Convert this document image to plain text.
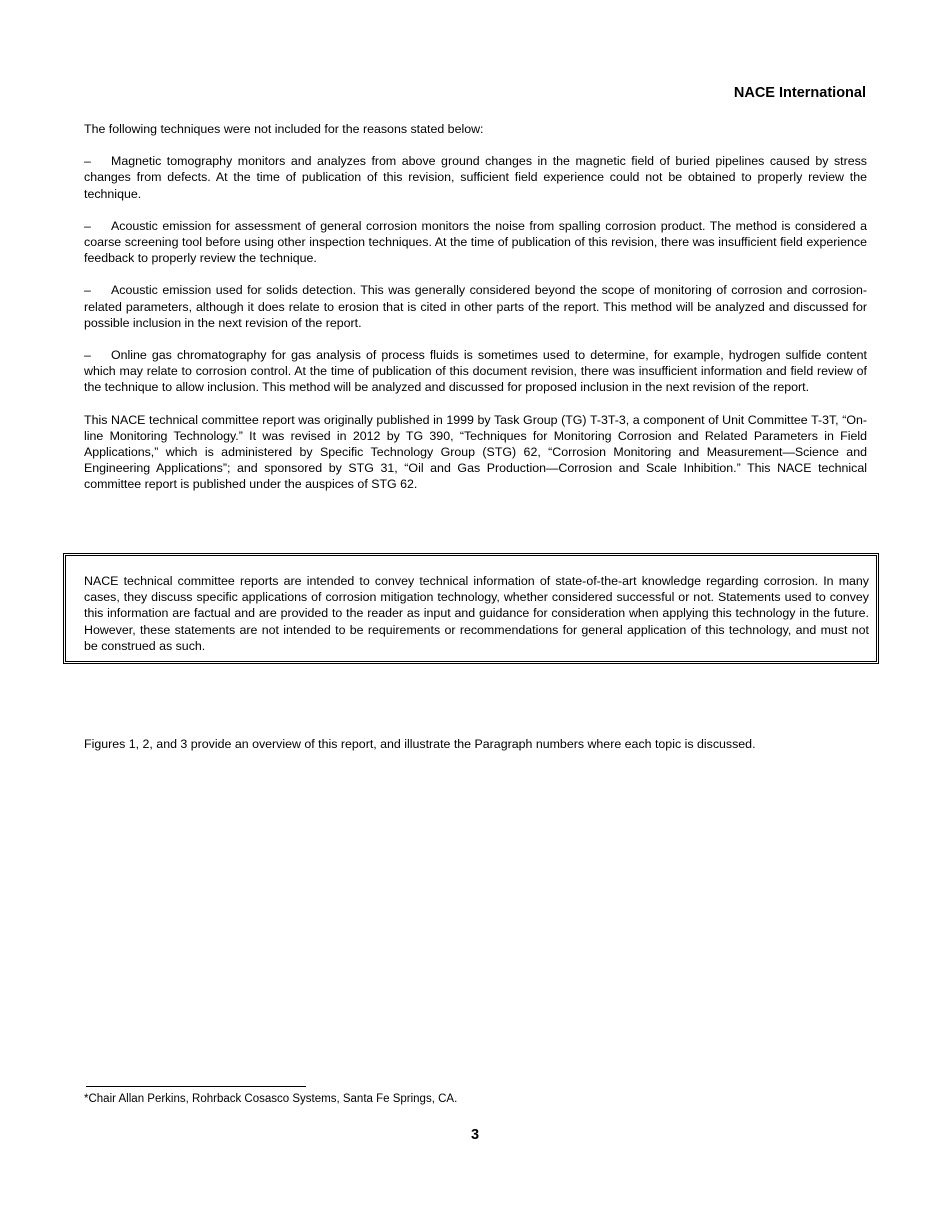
NACE International

The following techniques were not included for the reasons stated below:

– Magnetic tomography monitors and analyzes from above ground changes in the magnetic field of buried pipelines caused by stress changes from defects. At the time of publication of this revision, sufficient field experience could not be obtained to properly review the technique.

– Acoustic emission for assessment of general corrosion monitors the noise from spalling corrosion product. The method is considered a coarse screening tool before using other inspection techniques. At the time of publication of this revision, there was insufficient field experience feedback to properly review the technique.

– Acoustic emission used for solids detection. This was generally considered beyond the scope of monitoring of corrosion and corrosion-related parameters, although it does relate to erosion that is cited in other parts of the report. This method will be analyzed and discussed for possible inclusion in the next revision of the report.

– Online gas chromatography for gas analysis of process fluids is sometimes used to determine, for example, hydrogen sulfide content which may relate to corrosion control. At the time of publication of this document revision, there was insufficient information and field review of the technique to allow inclusion. This method will be analyzed and discussed for proposed inclusion in the next revision of the report.

This NACE technical committee report was originally published in 1999 by Task Group (TG) T-3T-3, a component of Unit Committee T-3T, “On-line Monitoring Technology.” It was revised in 2012 by TG 390, “Techniques for Monitoring Corrosion and Related Parameters in Field Applications,” which is administered by Specific Technology Group (STG) 62, “Corrosion Monitoring and Measurement—Science and Engineering Applications”; and sponsored by STG 31, “Oil and Gas Production—Corrosion and Scale Inhibition.” This NACE technical committee report is published under the auspices of STG 62.

NACE technical committee reports are intended to convey technical information of state-of-the-art knowledge regarding corrosion. In many cases, they discuss specific applications of corrosion mitigation technology, whether considered successful or not. Statements used to convey this information are factual and are provided to the reader as input and guidance for consideration when applying this technology in the future. However, these statements are not intended to be requirements or recommendations for general application of this technology, and must not be construed as such.
Figures 1, 2, and 3 provide an overview of this report, and illustrate the Paragraph numbers where each topic is discussed.
*Chair Allan Perkins, Rohrback Cosasco Systems, Santa Fe Springs, CA.
3
